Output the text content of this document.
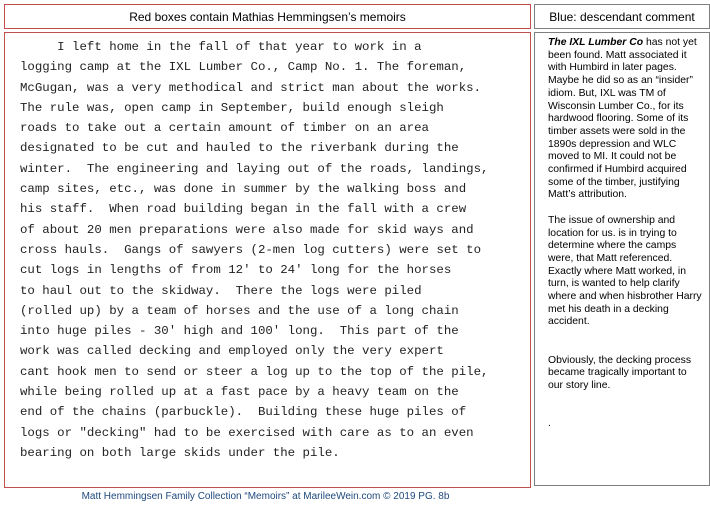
Red boxes contain Mathias Hemmingsen’s memoirs	Blue: descendant comment
I left home in the fall of that year to work in a
logging camp at the IXL Lumber Co., Camp No. 1. The foreman,
McGugan, was a very methodical and strict man about the works.
The rule was, open camp in September, build enough sleigh
roads to take out a certain amount of timber on an area
designated to be cut and hauled to the riverbank during the
winter.  The engineering and laying out of the roads, landings,
camp sites, etc., was done in summer by the walking boss and
his staff.  When road building began in the fall with a crew
of about 20 men preparations were also made for skid ways and
cross hauls.  Gangs of sawyers (2-men log cutters) were set to
cut logs in lengths of from 12' to 24' long for the horses
to haul out to the skidway.  There the logs were piled
(rolled up) by a team of horses and the use of a long chain
into huge piles - 30' high and 100' long.  This part of the
work was called decking and employed only the very expert
cant hook men to send or steer a log up to the top of the pile,
while being rolled up at a fast pace by a heavy team on the
end of the chains (parbuckle).  Building these huge piles of
logs or "decking" had to be exercised with care as to an even
bearing on both large skids under the pile.

The IXL Lumber Co has not yet been found. Matt associated it with Humbird in later pages. Maybe he did so as an “insider” idiom. But, IXL was TM of Wisconsin Lumber Co., for its hardwood flooring. Some of its timber assets were sold in the 1890s depression and WLC moved to MI. It could not be confirmed if Humbird acquired some of the timber, justifying Matt’s attribution.

The issue of ownership and location for us. is in trying to determine where the camps were, that Matt referenced. Exactly where Matt worked, in turn, is wanted to help clarify where and when hisbrother Harry met his death in a decking accident.

Obviously, the decking process became tragically important to our story line.

.

Matt Hemmingsen Family Collection “Memoirs” at MarileeWein.com © 2019 PG. 8b
